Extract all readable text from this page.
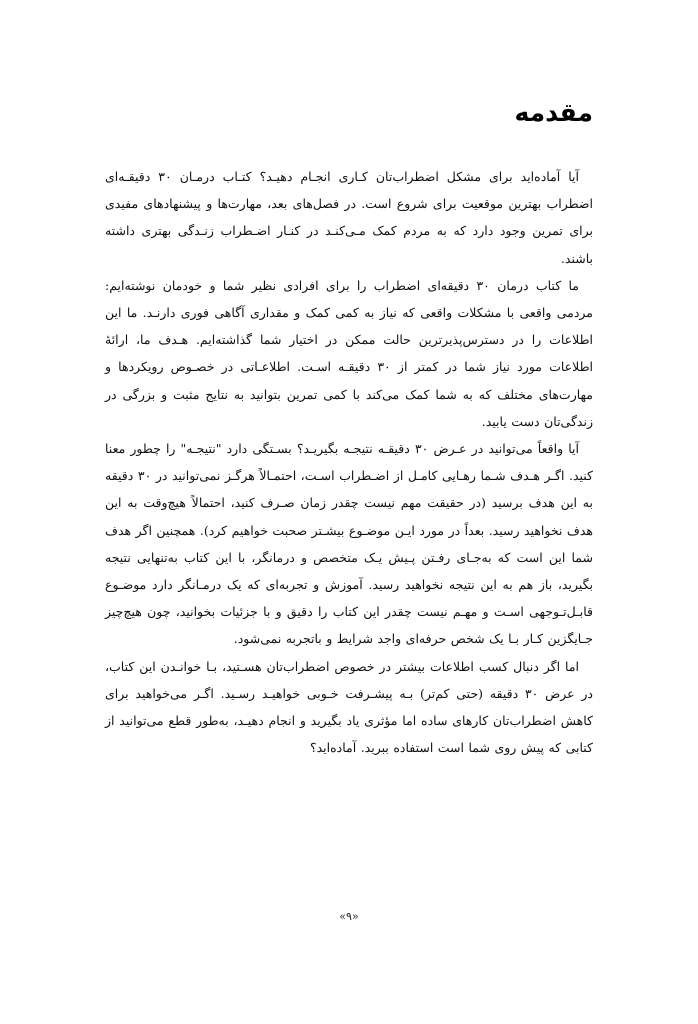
مقدمه

آیا آماده‌اید برای مشکل اضطراب‌تان کـاری انجـام دهیـد؟ کتـاب درمـان ۳۰ دقیقـه‌ای اضطراب بهترین موقعیت برای شروع است. در فصل‌های بعد، مهارت‌ها و پیشنهادهای مفیدی برای تمرین وجود دارد که به مردم کمک مـی‌کنـد در کنـار اضـطراب زنـدگی بهتری داشته باشند.

ما کتاب درمان ۳۰ دقیقه‌ای اضطراب را برای افرادی نظیر شما و خودمان نوشته‌ایم: مردمی واقعی با مشکلات واقعی که نیاز به کمی کمک و مقداری آگاهی فوری دارنـد. ما این اطلاعات را در دسترس‌پذیرترین حالت ممکن در اختیار شما گذاشته‌ایم. هـدف ما، ارائهٔ اطلاعات مورد نیاز شما در کمتر از ۳۰ دقیقـه اسـت. اطلاعـاتی در خصـوص رویکردها و مهارت‌های مختلف که به شما کمک می‌کند با کمی تمرین بتوانید به نتایج مثبت و بزرگی در زندگی‌تان دست یابید.

آیا واقعاً می‌توانید در عـرض ۳۰ دقیقـه نتیجـه بگیریـد؟ بسـتگی دارد "نتیجـه" را چطور معنا کنید. اگـر هـدف شـما رهـایی کامـل از اضـطراب اسـت، احتمـالاً هرگـز نمی‌توانید در ۳۰ دقیقه به این هدف برسید (در حقیقت مهم نیست چقدر زمان صـرف کنید، احتمالاً هیچ‌وقت به این هدف نخواهید رسید. بعداً در مورد ایـن موضـوع بیشـتر صحبت خواهیم کرد). همچنین اگر هدف شما این است که به‌جـای رفـتن پـیش یـک متخصص و درمانگر، با این کتاب به‌تنهایی نتیجه بگیرید، باز هم به این نتیجه نخواهید رسید. آموزش و تجربه‌ای که یک درمـانگر دارد موضـوع قابـل‌تـوجهی اسـت و مهـم نیست چقدر این کتاب را دقیق و با جزئیات بخوانید، چون هیچ‌چیز جـایگزین کـار بـا یک شخص حرفه‌ای واجد شرایط و باتجربه نمی‌شود.

اما اگر دنبال کسب اطلاعات بیشتر در خصوص اضطراب‌تان هسـتید، بـا خوانـدن این کتاب، در عرض ۳۰ دقیقه (حتی کم‌تر) بـه پیشـرفت خـوبی خواهیـد رسـید. اگـر می‌خواهید برای کاهش اضطراب‌تان کارهای ساده اما مؤثری یاد بگیرید و انجام دهیـد، به‌طور قطع می‌توانید از کتابی که پیش روی شما است استفاده ببرید. آماده‌اید؟

«۹»
